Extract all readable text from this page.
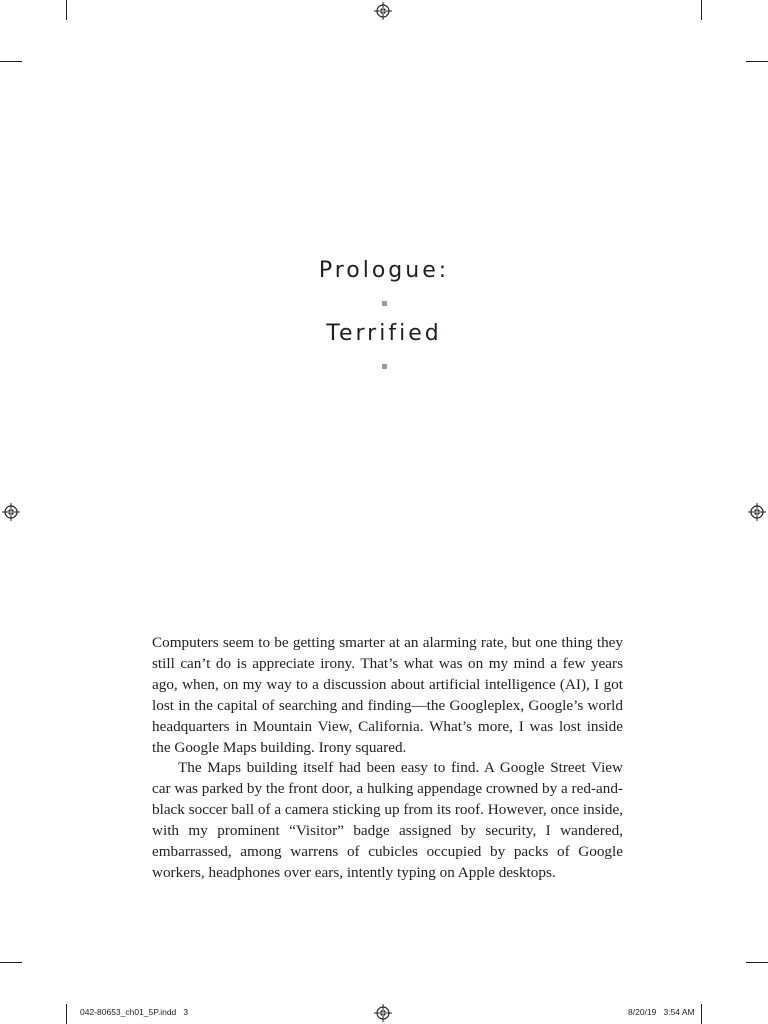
Prologue:
Terrified

Computers seem to be getting smarter at an alarming rate, but one thing they still can’t do is appreciate irony. That’s what was on my mind a few years ago, when, on my way to a discussion about artificial intelligence (AI), I got lost in the capital of searching and finding—the Googleplex, Google’s world headquarters in Mountain View, California. What’s more, I was lost inside the Google Maps building. Irony squared.

The Maps building itself had been easy to find. A Google Street View car was parked by the front door, a hulking appendage crowned by a red-and-black soccer ball of a camera sticking up from its roof. However, once inside, with my prominent “Visitor” badge assigned by security, I wandered, embarrassed, among warrens of cubicles occupied by packs of Google workers, headphones over ears, intently typing on Apple desktops.

042-80653_ch01_5P.indd   3	8/20/19   3:54 AM
